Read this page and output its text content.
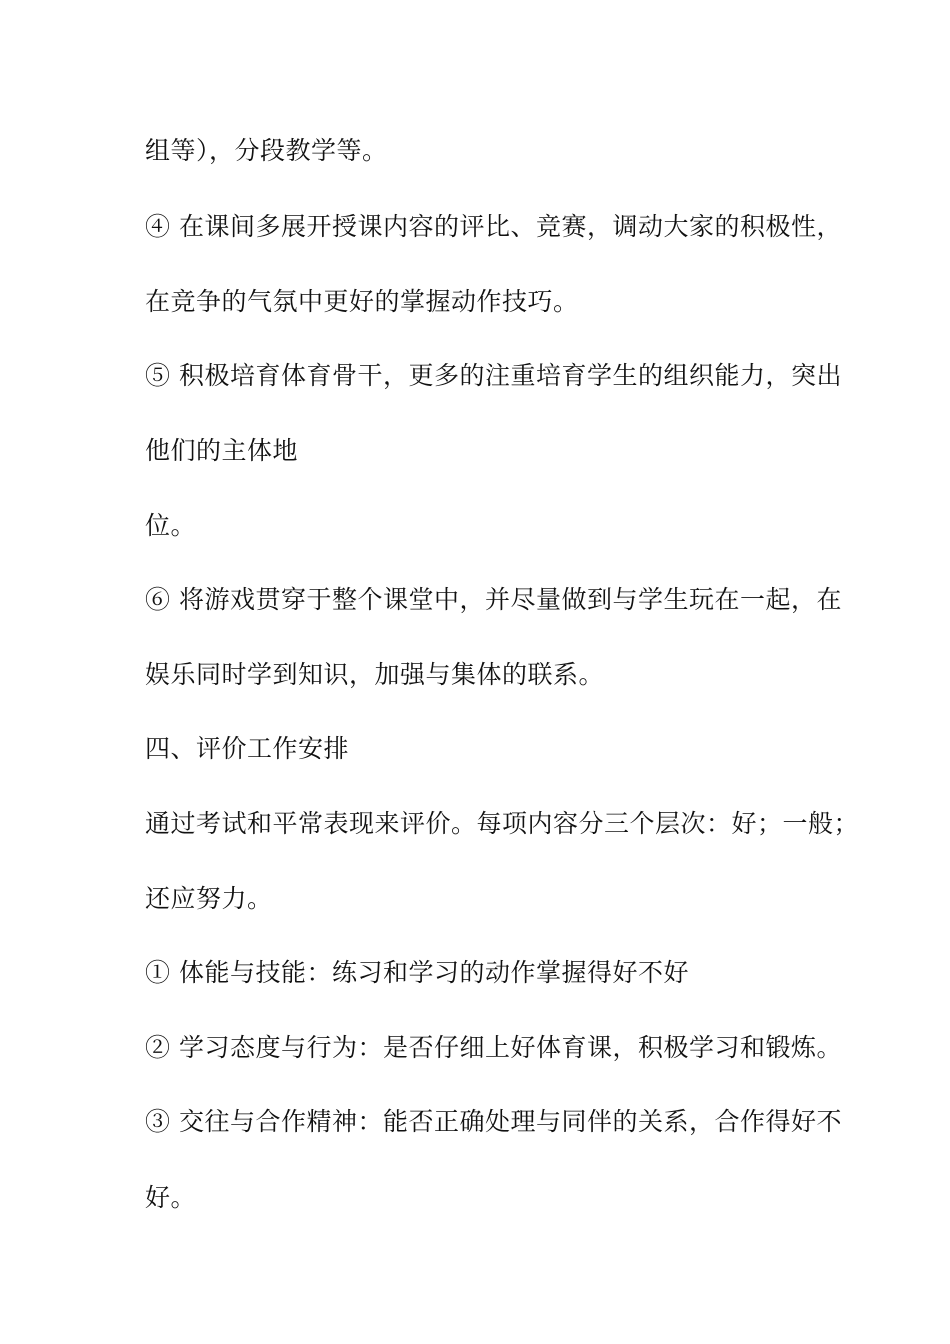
组等），分段教学等。
④ 在课间多展开授课内容的评比、竞赛，调动大家的积极性，
在竞争的气氛中更好的掌握动作技巧。
⑤ 积极培育体育骨干，更多的注重培育学生的组织能力，突出
他们的主体地
位。
⑥ 将游戏贯穿于整个课堂中，并尽量做到与学生玩在一起，在
娱乐同时学到知识，加强与集体的联系。
四、评价工作安排
通过考试和平常表现来评价。每项内容分三个层次：好；一般；
还应努力。
① 体能与技能：练习和学习的动作掌握得好不好
② 学习态度与行为：是否仔细上好体育课，积极学习和锻炼。
③ 交往与合作精神：能否正确处理与同伴的关系，合作得好不
好。
